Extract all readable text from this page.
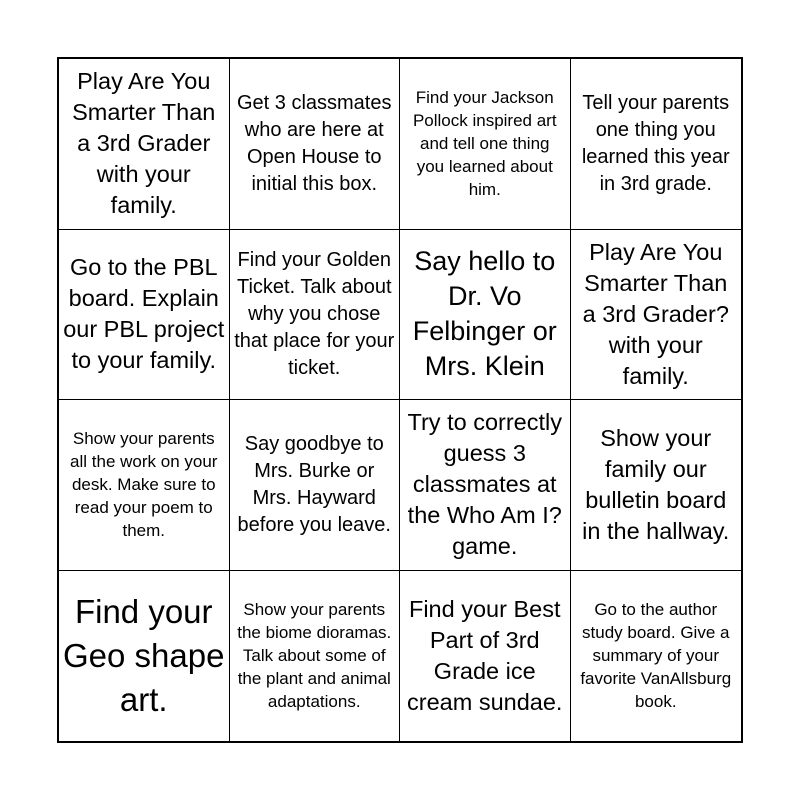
Play Are You Smarter Than a 3rd Grader with your family.
Get 3 classmates who are here at Open House to initial this box.
Find your Jackson Pollock inspired art and tell one thing you learned about him.
Tell your parents one thing you learned this year in 3rd grade.
Go to the PBL board. Explain our PBL project to your family.
Find your Golden Ticket. Talk about why you chose that place for your ticket.
Say hello to Dr. Vo Felbinger or Mrs. Klein
Play Are You Smarter Than a 3rd Grader? with your family.
Show your parents all the work on your desk. Make sure to read your poem to them.
Say goodbye to Mrs. Burke or Mrs. Hayward before you leave.
Try to correctly guess 3 classmates at the Who Am I? game.
Show your family our bulletin board in the hallway.
Find your Geo shape art.
Show your parents the biome dioramas. Talk about some of the plant and animal adaptations.
Find your Best Part of 3rd Grade ice cream sundae.
Go to the author study board. Give a summary of your favorite VanAllsburg book.
